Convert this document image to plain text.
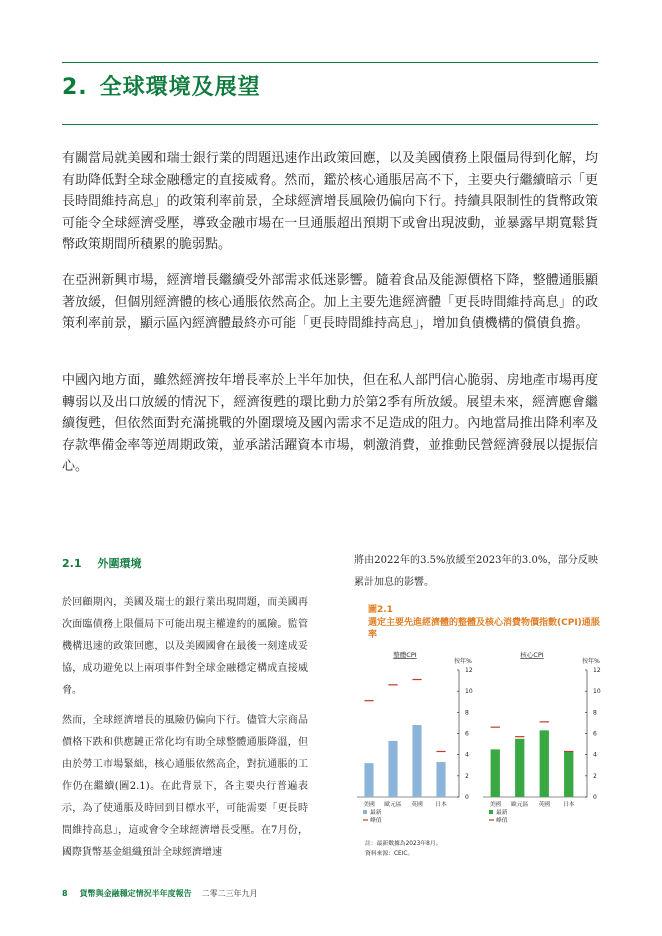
2. 全球環境及展望

有關當局就美國和瑞士銀行業的問題迅速作出政策回應，以及美國債務上限僵局得到化解，均有助降低對全球金融穩定的直接威脅。然而，鑑於核心通脹居高不下，主要央行繼續暗示「更長時間維持高息」的政策利率前景，全球經濟增長風險仍偏向下行。持續具限制性的貨幣政策可能令全球經濟受壓，導致金融市場在一旦通脹超出預期下或會出現波動，並暴露早期寬鬆貨幣政策期間所積累的脆弱點。

在亞洲新興市場，經濟增長繼續受外部需求低迷影響。隨着食品及能源價格下降，整體通脹顯著放緩，但個別經濟體的核心通脹依然高企。加上主要先進經濟體「更長時間維持高息」的政策利率前景，顯示區內經濟體最終亦可能「更長時間維持高息」，增加負債機構的償債負擔。

中國內地方面，雖然經濟按年增長率於上半年加快，但在私人部門信心脆弱、房地產市場再度轉弱以及出口放緩的情況下，經濟復甦的環比動力於第2季有所放緩。展望未來，經濟應會繼續復甦，但依然面對充滿挑戰的外圍環境及國內需求不足造成的阻力。內地當局推出降利率及存款準備金率等逆周期政策，並承諾活躍資本市場，刺激消費，並推動民營經濟發展以提振信心。

2.1 外圍環境

於回顧期內，美國及瑞士的銀行業出現問題，而美國再次面臨債務上限僵局下可能出現主權違約的風險。監管機構迅速的政策回應，以及美國國會在最後一刻達成妥協，成功避免以上兩項事件對全球金融穩定構成直接威脅。

然而，全球經濟增長的風險仍偏向下行。儘管大宗商品價格下跌和供應鏈正常化均有助全球整體通脹降溫，但由於勞工市場緊絀，核心通脹依然高企，對抗通脹的工作仍在繼續(圖2.1)。在此背景下，各主要央行普遍表示，為了使通脹及時回到目標水平，可能需要「更長時間維持高息」，這或會令全球經濟增長受壓。在7月份，國際貨幣基金組織預計全球經濟增速

將由2022年的3.5%放緩至2023年的3.0%，部分反映累計加息的影響。

圖2.1
選定主要先進經濟體的整體及核心消費物價指數(CPI)通脹率
整體CPI
按年%
0
2
4
6
8
10
12
美國 歐元區 英國 日本
最新
峰值
核心CPI
按年%
0
2
4
6
8
10
12
美國 歐元區 英國 日本
最新
峰值
註：最新數據為2023年8月。
資料來源：CEIC。
8 貨幣與金融穩定情況半年度報告 二零二三年九月
